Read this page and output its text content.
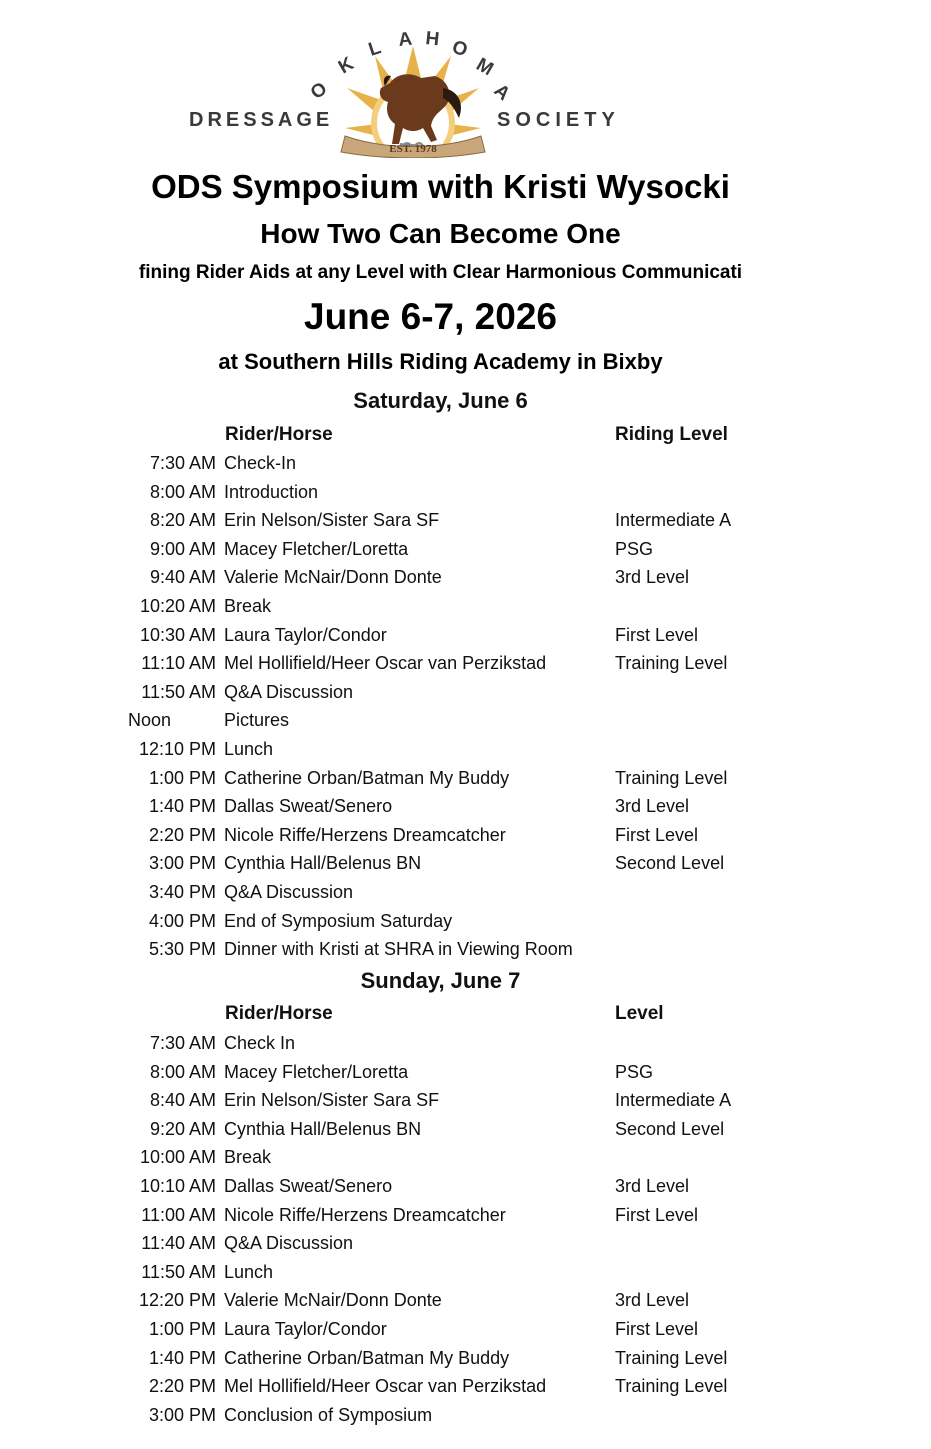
O
K
L A H O
M
A
DRESSAGE	SOCIETY
EST. 1978
ODS Symposium with Kristi Wysocki
How Two Can Become One
fining Rider Aids at any Level with Clear Harmonious Communicati
June 6-7, 2026
at Southern Hills Riding Academy in Bixby
Saturday, June 6
Rider/Horse	Riding Level
7:30 AM Check-In
8:00 AM Introduction
8:20 AM Erin Nelson/Sister Sara SF	Intermediate A
9:00 AM Macey Fletcher/Loretta	PSG
9:40 AM Valerie McNair/Donn Donte	3rd Level
10:20 AM Break
10:30 AM Laura Taylor/Condor	First Level
11:10 AM Mel Hollifield/Heer Oscar van Perzikstad	Training Level
11:50 AM Q&A Discussion
Noon	Pictures
12:10 PM Lunch
1:00 PM Catherine Orban/Batman My Buddy	Training Level
1:40 PM Dallas Sweat/Senero	3rd Level
2:20 PM Nicole Riffe/Herzens Dreamcatcher	First Level
3:00 PM Cynthia Hall/Belenus BN	Second Level
3:40 PM Q&A Discussion
4:00 PM End of Symposium Saturday
5:30 PM Dinner with Kristi at SHRA in Viewing Room
Sunday, June 7
Rider/Horse	Level
7:30 AM Check In
8:00 AM Macey Fletcher/Loretta	PSG
8:40 AM Erin Nelson/Sister Sara SF	Intermediate A
9:20 AM Cynthia Hall/Belenus BN	Second Level
10:00 AM Break
10:10 AM Dallas Sweat/Senero	3rd Level
11:00 AM Nicole Riffe/Herzens Dreamcatcher	First Level
11:40 AM Q&A Discussion
11:50 AM Lunch
12:20 PM Valerie McNair/Donn Donte	3rd Level
1:00 PM Laura Taylor/Condor	First Level
1:40 PM Catherine Orban/Batman My Buddy	Training Level
2:20 PM Mel Hollifield/Heer Oscar van Perzikstad	Training Level
3:00 PM Conclusion of Symposium
